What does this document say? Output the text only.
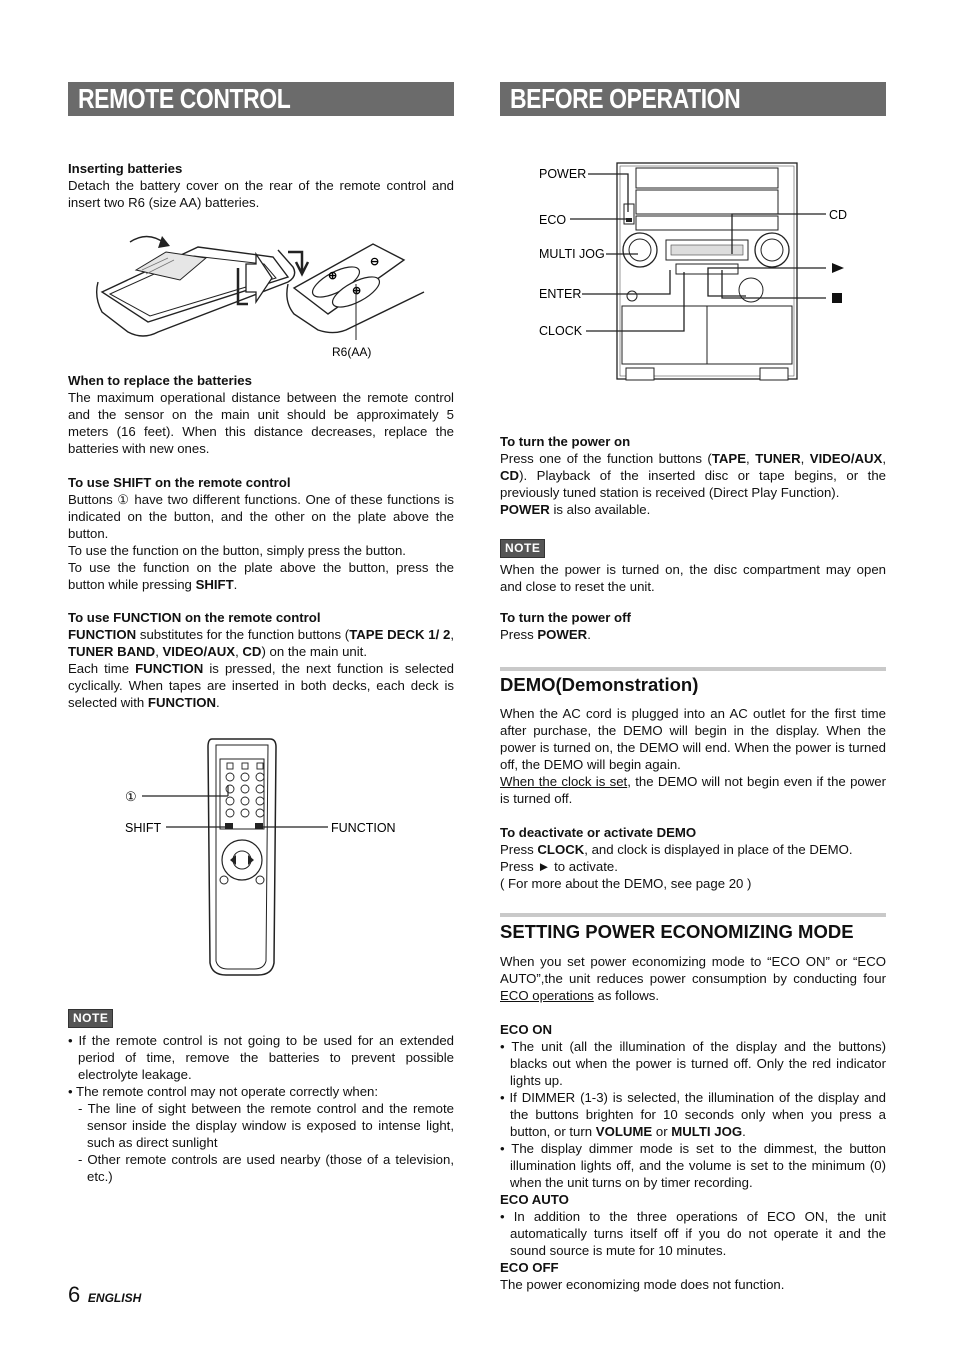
REMOTE CONTROL

Inserting batteries

Detach the battery cover on the rear of the remote control and insert two R6 (size AA) batteries.

⊕
⊖
⊕
R6(AA)

When to replace the batteries

The maximum operational distance between the remote control and the sensor on the main unit should be approximately 5 meters (16 feet). When this distance decreases, replace the batteries with new ones.

To use SHIFT on the remote control

Buttons ① have two different functions. One of these functions is indicated on the button, and the other on the plate above the button.

To use the function on the button, simply press the button.

To use the function on the plate above the button, press the button while pressing SHIFT.

To use FUNCTION on the remote control

FUNCTION substitutes for the function buttons (TAPE DECK 1/ 2, TUNER BAND, VIDEO/AUX, CD) on the main unit.

Each time FUNCTION is pressed, the next function is selected cyclically. When tapes are inserted in both decks, each deck is selected with FUNCTION.

①
SHIFT	FUNCTION
NOTE

• If the remote control is not going to be used for an extended period of time, remove the batteries to prevent possible electrolyte leakage.

• The remote control may not operate correctly when:

- The line of sight between the remote control and the remote sensor inside the display window is exposed to intense light, such as direct sunlight

- Other remote controls are used nearby (those of a television, etc.)

6 ENGLISH
BEFORE OPERATION
POWER
ECO
MULTI JOG
ENTER
CLOCK
CD

To turn the power on

Press one of the function buttons (TAPE, TUNER, VIDEO/AUX, CD). Playback of the inserted disc or tape begins, or the previously tuned station is received (Direct Play Function).

POWER is also available.

NOTE

When the power is turned on, the disc compartment may open and close to reset the unit.

To turn the power off

Press POWER.

DEMO(Demonstration)

When the AC cord is plugged into an AC outlet for the first time after purchase, the DEMO will begin in the display. When the power is turned on, the DEMO will end. When the power is turned off, the DEMO will begin again.

When the clock is set, the DEMO will not begin even if the power is turned off.

To deactivate or activate DEMO

Press CLOCK, and clock is displayed in place of the DEMO.

Press ► to activate.

( For more about the DEMO, see page 20 )

SETTING POWER ECONOMIZING MODE

When you set power economizing mode to “ECO ON” or “ECO AUTO”,the unit reduces power consumption by conducting four ECO operations as follows.

ECO ON

• The unit (all the illumination of the display and the buttons) blacks out when the power is turned off. Only the red indicator lights up.

• If DIMMER (1-3) is selected, the illumination of the display and the buttons brighten for 10 seconds only when you press a button, or turn VOLUME or MULTI JOG.

• The display dimmer mode is set to the dimmest, the button illumination lights off, and the volume is set to the minimum (0) when the unit turns on by timer recording.

ECO AUTO

• In addition to the three operations of ECO ON, the unit automatically turns itself off if you do not operate it and the sound source is mute for 10 minutes.

ECO OFF

The power economizing mode does not function.
